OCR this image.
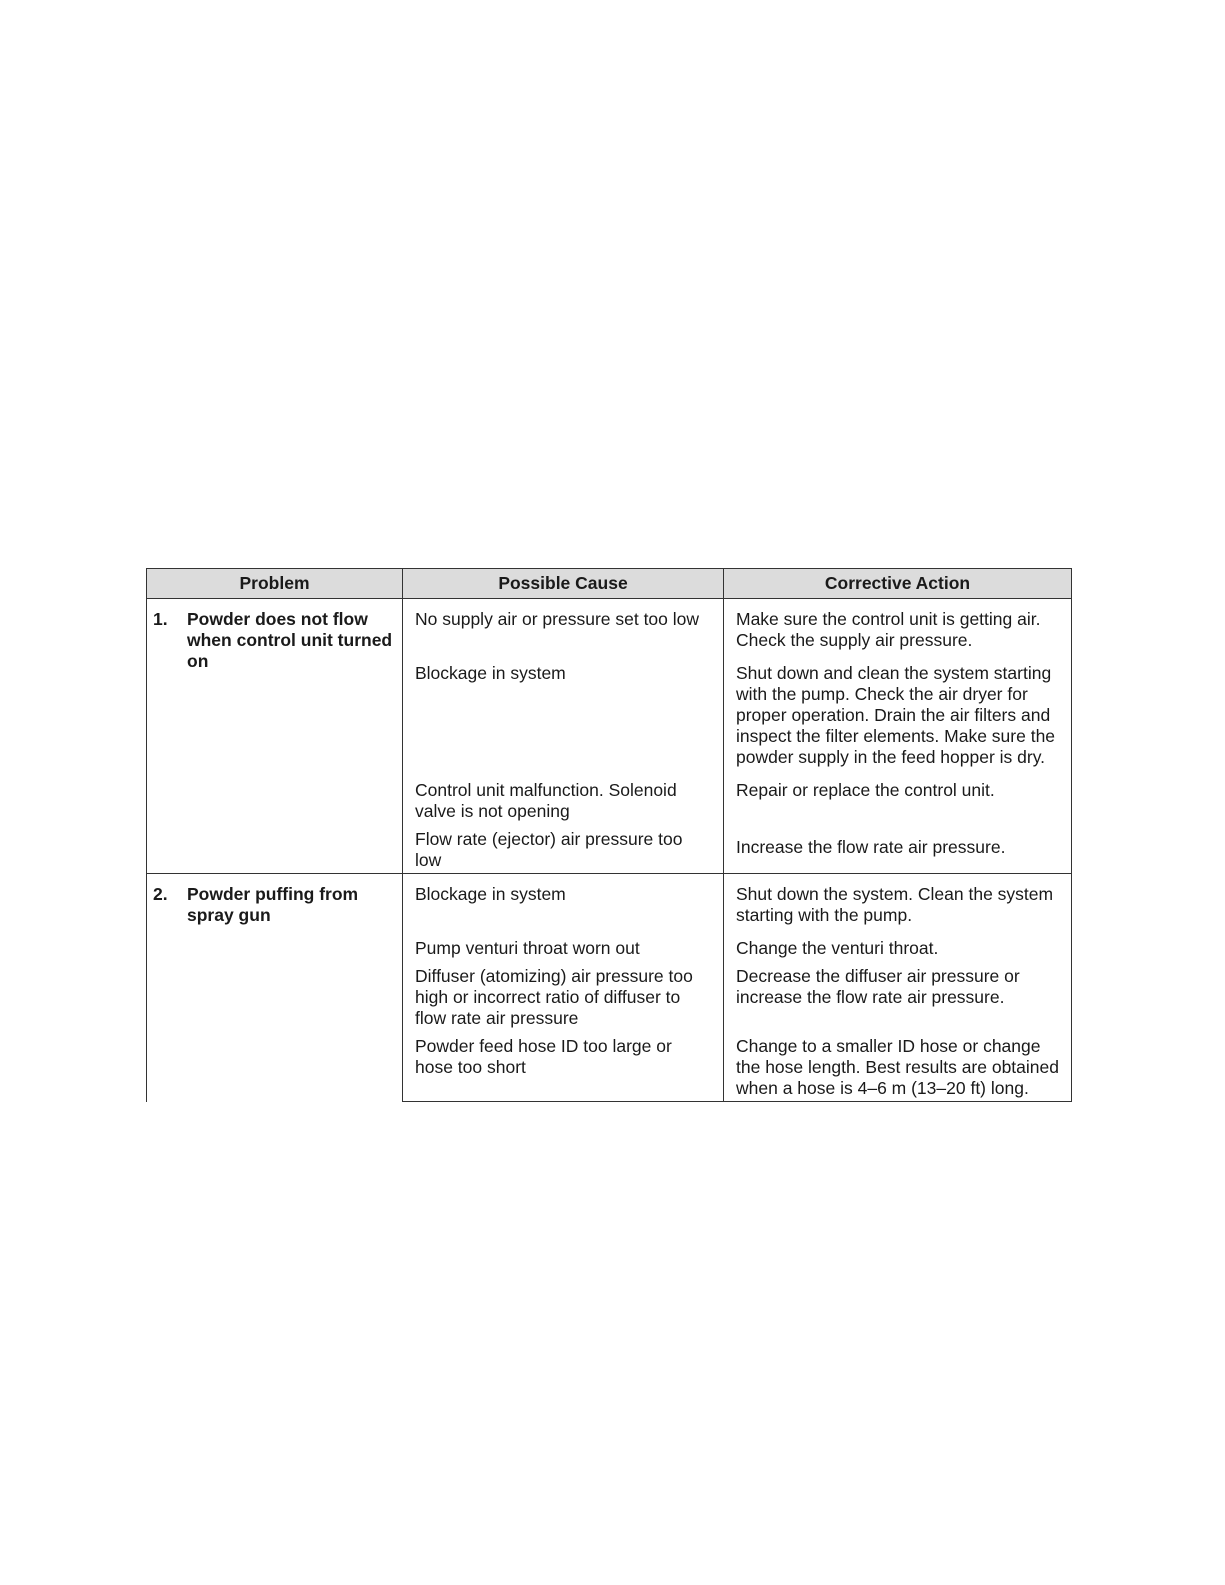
Problem	Possible Cause	Corrective Action

1. Powder does not flow when control unit turned on	No supply air or pressure set too low	Make sure the control unit is getting air. Check the supply air pressure.
	Blockage in system	Shut down and clean the system starting with the pump. Check the air dryer for proper operation. Drain the air filters and inspect the filter elements. Make sure the powder supply in the feed hopper is dry.
	Control unit malfunction. Solenoid valve is not opening	Repair or replace the control unit.
	Flow rate (ejector) air pressure too low	Increase the flow rate air pressure.

2. Powder puffing from spray gun	Blockage in system	Shut down the system. Clean the system starting with the pump.
	Pump venturi throat worn out	Change the venturi throat.
	Diffuser (atomizing) air pressure too high or incorrect ratio of diffuser to flow rate air pressure	Decrease the diffuser air pressure or increase the flow rate air pressure.
	Powder feed hose ID too large or hose too short	Change to a smaller ID hose or change the hose length. Best results are obtained when a hose is 4–6 m (13–20 ft) long.
